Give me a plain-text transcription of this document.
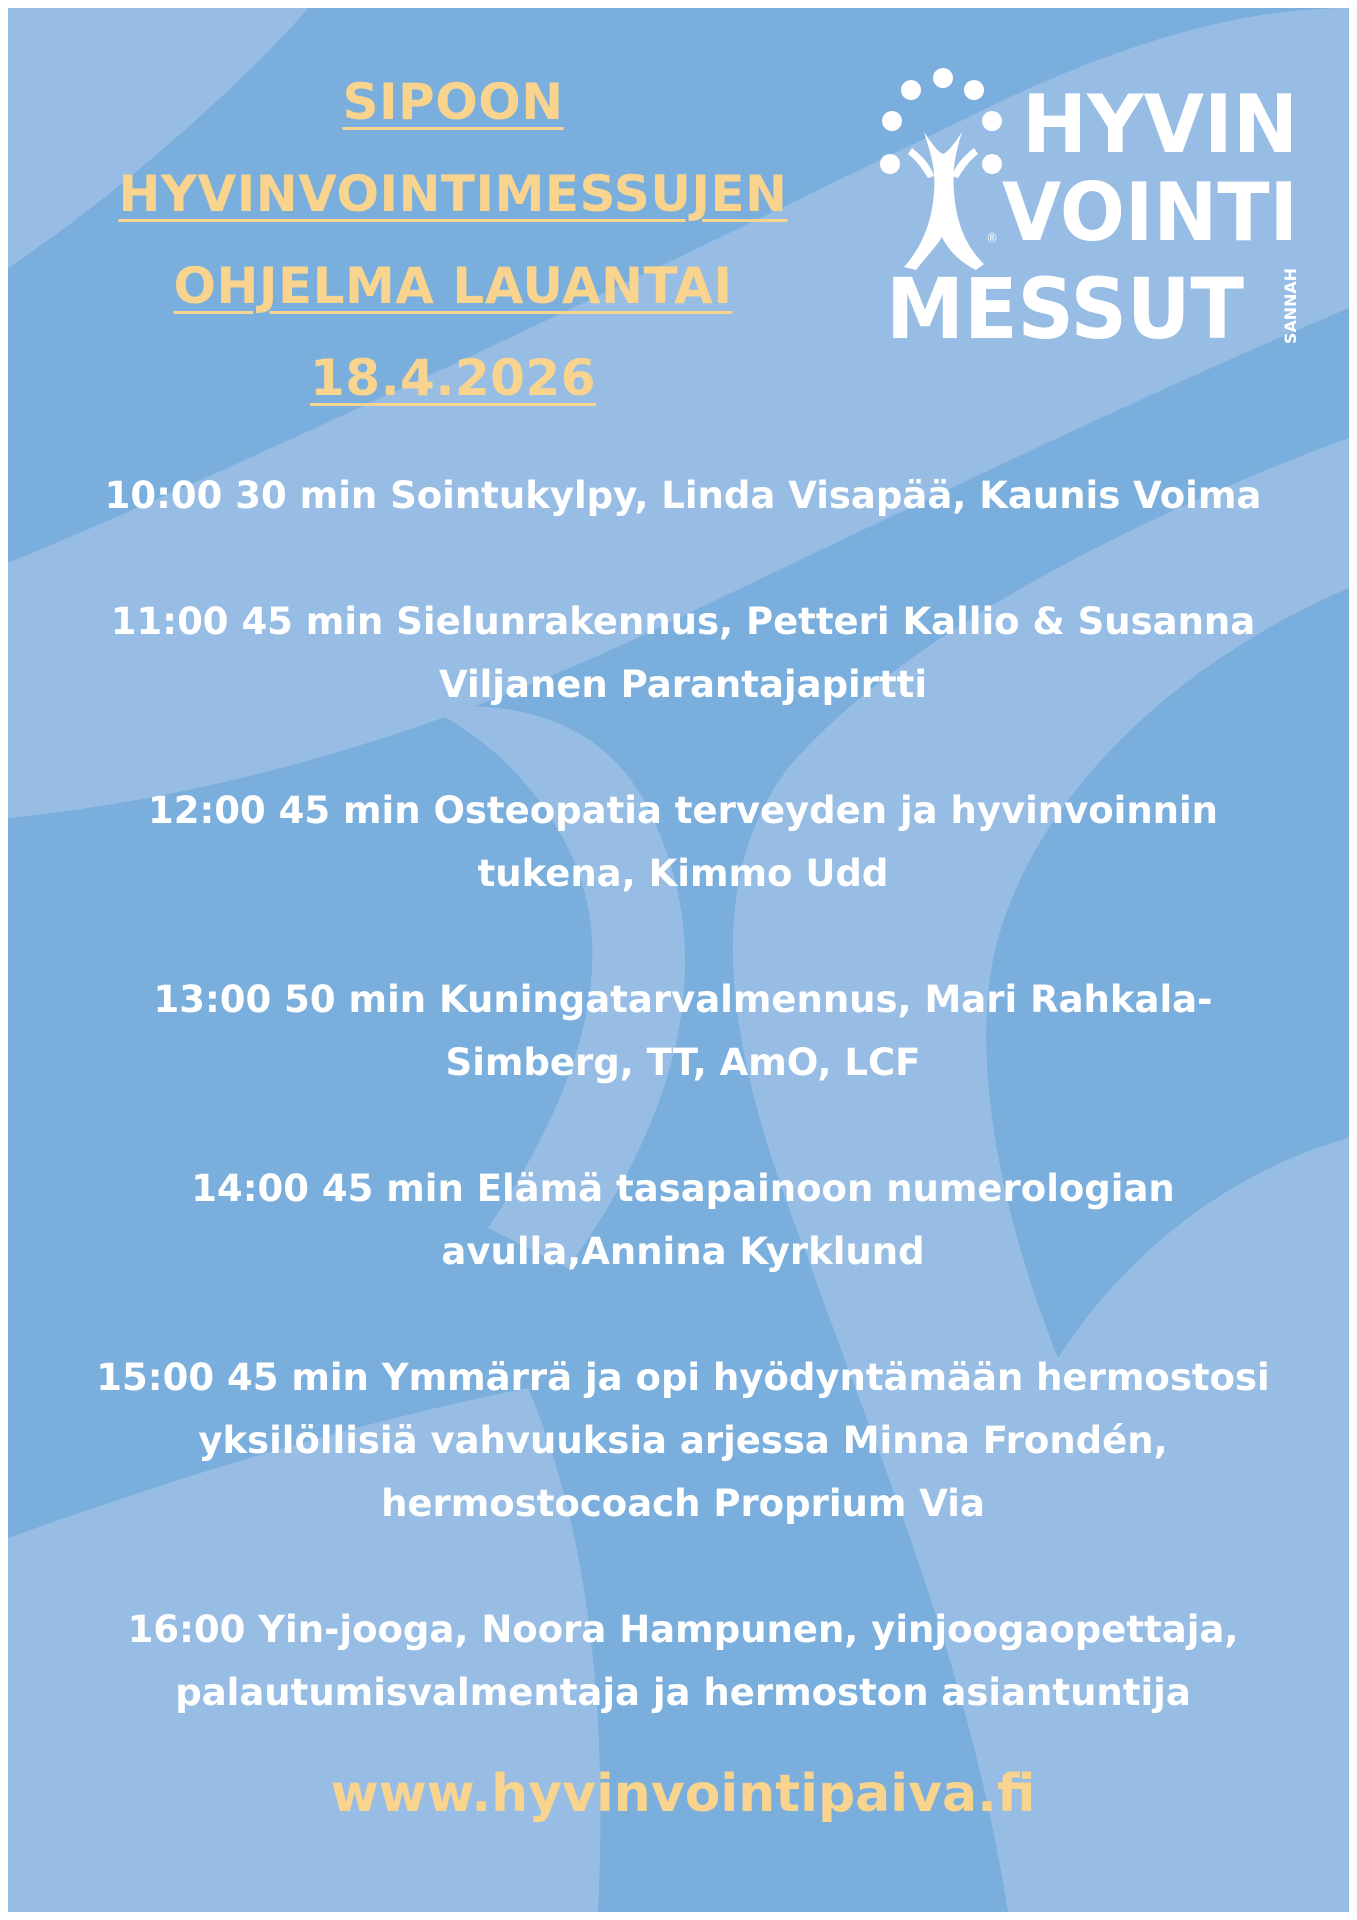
SIPOON
HYVINVOINTIMESSUJEN
OHJELMA LAUANTAI
18.4.2026
®
HYVIN
VOINTI
MESSUT SANNAH

10:00 30 min Sointukylpy, Linda Visapää, Kaunis Voima

11:00 45 min Sielunrakennus, Petteri Kallio & Susanna
Viljanen Parantajapirtti

12:00 45 min Osteopatia terveyden ja hyvinvoinnin
tukena, Kimmo Udd

13:00 50 min Kuningatarvalmennus, Mari Rahkala-
Simberg, TT, AmO, LCF

14:00 45 min Elämä tasapainoon numerologian
avulla,Annina Kyrklund

15:00 45 min Ymmärrä ja opi hyödyntämään hermostosi
yksilöllisiä vahvuuksia arjessa Minna Frondén,
hermostocoach Proprium Via

16:00 Yin-jooga, Noora Hampunen, yinjoogaopettaja,
palautumisvalmentaja ja hermoston asiantuntija

www.hyvinvointipaiva.fi
